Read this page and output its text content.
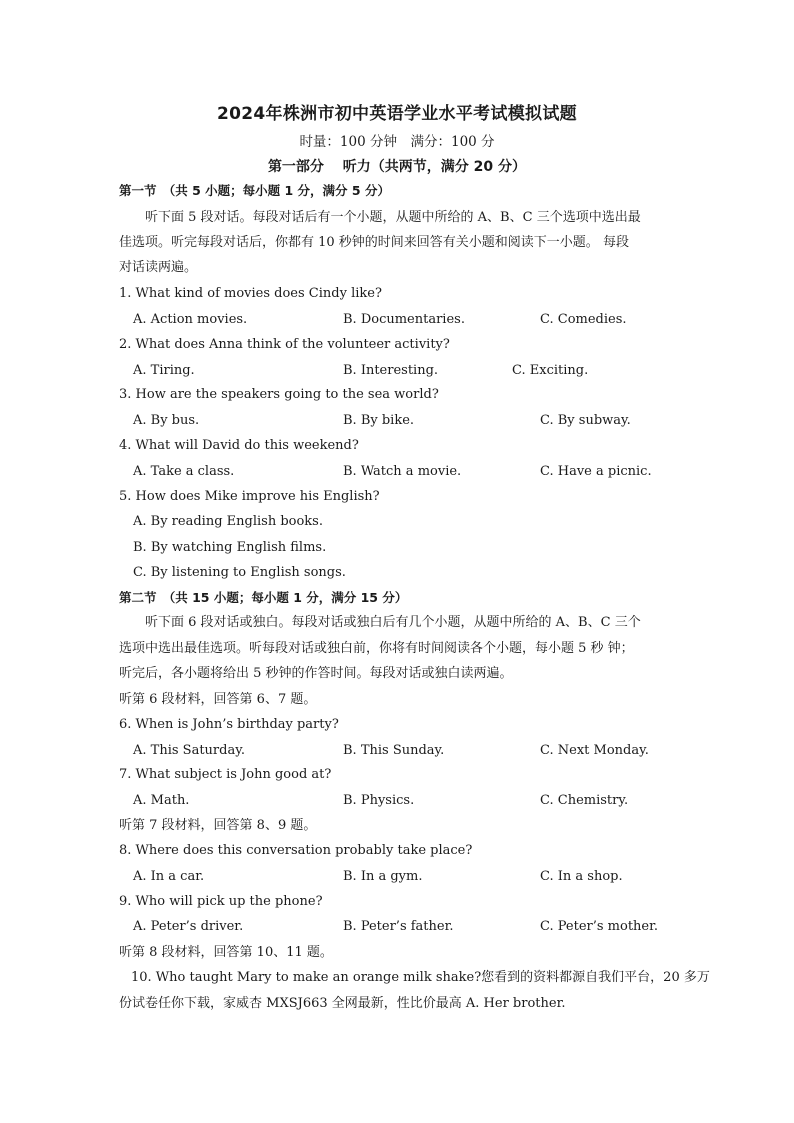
2024年株洲市初中英语学业水平考试模拟试题
时量：100 分钟　满分：100 分
第一部分　 听力（共两节，满分 20 分）
第一节　（共 5 小题；每小题 1 分，满分 5 分）
听下面 5 段对话。每段对话后有一个小题，从题中所给的 A、B、C 三个选项中选出最
佳选项。听完每段对话后，你都有 10 秒钟的时间来回答有关小题和阅读下一小题。 每段
对话读两遍。
1. What kind of movies does Cindy like?
A. Action movies.	B. Documentaries.	C. Comedies.
2. What does Anna think of the volunteer activity?
A. Tiring.	B. Interesting.	C. Exciting.
3. How are the speakers going to the sea world?
A. By bus.	B. By bike.	C. By subway.
4. What will David do this weekend?
A. Take a class.	B. Watch a movie.	C. Have a picnic.
5. How does Mike improve his English?
A. By reading English books.
B. By watching English films.
C. By listening to English songs.
第二节　（共 15 小题；每小题 1 分，满分 15 分）
听下面 6 段对话或独白。每段对话或独白后有几个小题，从题中所给的 A、B、C 三个
选项中选出最佳选项。听每段对话或独白前，你将有时间阅读各个小题，每小题 5 秒 钟；
听完后，各小题将给出 5 秒钟的作答时间。每段对话或独白读两遍。
听第 6 段材料，回答第 6、7 题。
6. When is John’s birthday party?
A. This Saturday.	B. This Sunday.	C. Next Monday.
7. What subject is John good at?
A. Math.	B. Physics.	C. Chemistry.
听第 7 段材料，回答第 8、9 题。
8. Where does this conversation probably take place?
A. In a car.	B. In a gym.	C. In a shop.
9. Who will pick up the phone?
A. Peter’s driver.	B. Peter’s father.	C. Peter’s mother.
听第 8 段材料，回答第 10、11 题。
10. Who taught Mary to make an orange milk shake?您看到的资料都源自我们平台，20 多万
份试卷任你下载，家威杏 MXSJ663 全网最新，性比价最高 A. Her brother.
